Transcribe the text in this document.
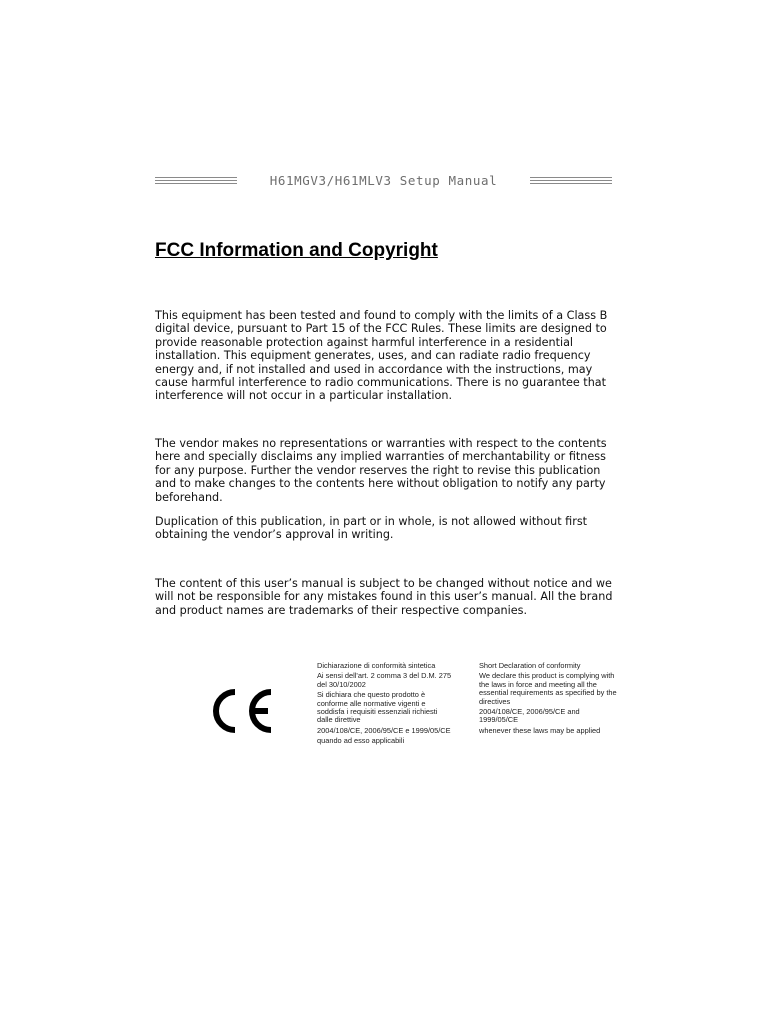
H61MGV3/H61MLV3 Setup Manual
FCC Information and Copyright

This equipment has been tested and found to comply with the limits of a Class B digital device, pursuant to Part 15 of the FCC Rules. These limits are designed to provide reasonable protection against harmful interference in a residential installation. This equipment generates, uses, and can radiate radio frequency energy and, if not installed and used in accordance with the instructions, may cause harmful interference to radio communications. There is no guarantee that interference will not occur in a particular installation.

The vendor makes no representations or warranties with respect to the contents here and specially disclaims any implied warranties of merchantability or fitness for any purpose. Further the vendor reserves the right to revise this publication and to make changes to the contents here without obligation to notify any party beforehand.

Duplication of this publication, in part or in whole, is not allowed without first obtaining the vendor’s approval in writing.

The content of this user’s manual is subject to be changed without notice and we will not be responsible for any mistakes found in this user’s manual. All the brand and product names are trademarks of their respective companies.

Dichiarazione di conformità sintetica

Ai sensi dell'art. 2 comma 3 del D.M. 275 del 30/10/2002

Si dichiara che questo prodotto è conforme alle normative vigenti e soddisfa i requisiti essenziali richiesti dalle direttive

2004/108/CE, 2006/95/CE e 1999/05/CE

quando ad esso applicabili

Short Declaration of conformity

We declare this product is complying with the laws in force and meeting all the essential requirements as specified by the directives

2004/108/CE, 2006/95/CE and 1999/05/CE

whenever these laws may be applied
